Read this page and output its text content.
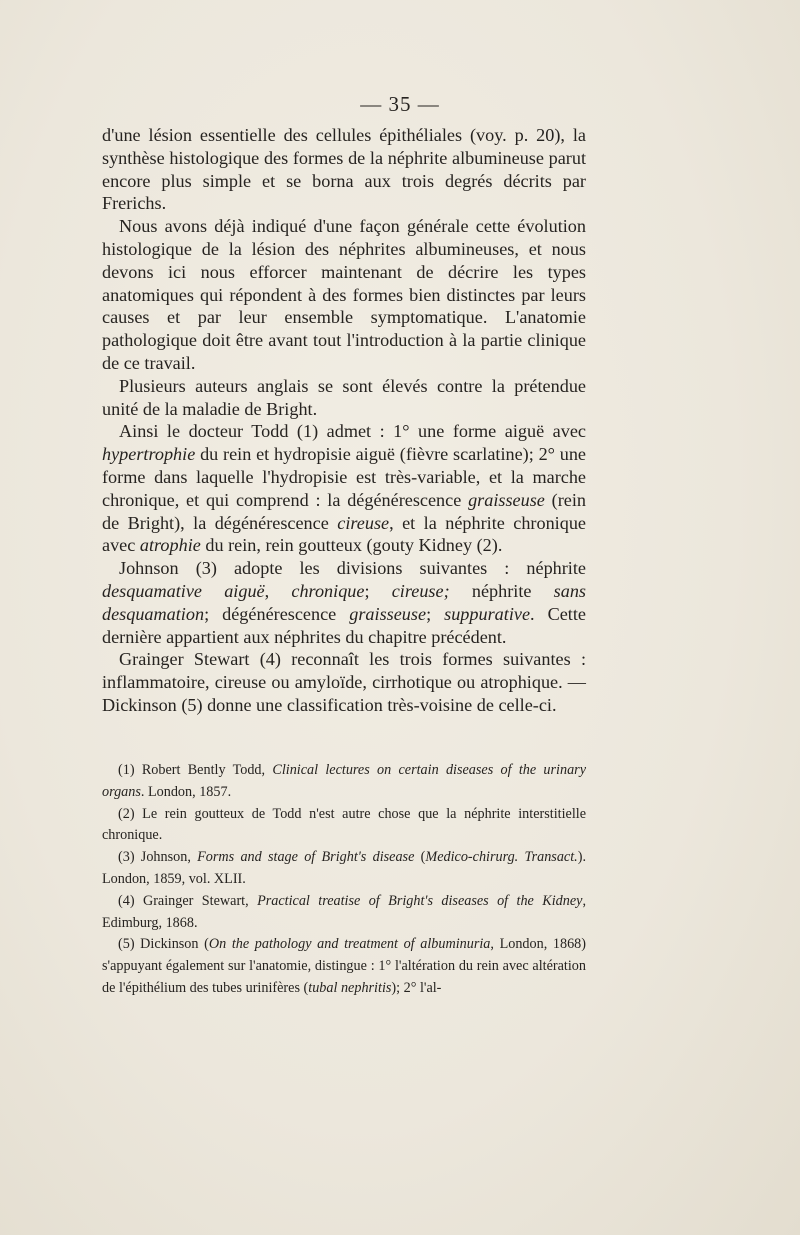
— 35 —

d'une lésion essentielle des cellules épithéliales (voy. p. 20), la synthèse histologique des formes de la néphrite albumineuse parut encore plus simple et se borna aux trois degrés décrits par Frerichs.

Nous avons déjà indiqué d'une façon générale cette évolution histologique de la lésion des néphrites albumineuses, et nous devons ici nous efforcer maintenant de décrire les types anatomiques qui répondent à des formes bien distinctes par leurs causes et par leur ensemble symptomatique. L'anatomie pathologique doit être avant tout l'introduction à la partie clinique de ce travail.

Plusieurs auteurs anglais se sont élevés contre la prétendue unité de la maladie de Bright.

Ainsi le docteur Todd (1) admet : 1° une forme aiguë avec hypertrophie du rein et hydropisie aiguë (fièvre scarlatine); 2° une forme dans laquelle l'hydropisie est très-variable, et la marche chronique, et qui comprend : la dégénérescence graisseuse (rein de Bright), la dégénérescence cireuse, et la néphrite chronique avec atrophie du rein, rein goutteux (gouty Kidney (2).

Johnson (3) adopte les divisions suivantes : néphrite desquamative aiguë, chronique; cireuse; néphrite sans desquamation; dégénérescence graisseuse; suppurative. Cette dernière appartient aux néphrites du chapitre précédent.

Grainger Stewart (4) reconnaît les trois formes suivantes : inflammatoire, cireuse ou amyloïde, cirrhotique ou atrophique. —Dickinson (5) donne une classification très-voisine de celle-ci.

(1) Robert Bently Todd, Clinical lectures on certain diseases of the urinary organs. London, 1857.

(2) Le rein goutteux de Todd n'est autre chose que la néphrite interstitielle chronique.

(3) Johnson, Forms and stage of Bright's disease (Medico-chirurg. Transact.). London, 1859, vol. XLII.

(4) Grainger Stewart, Practical treatise of Bright's diseases of the Kidney, Edimburg, 1868.

(5) Dickinson (On the pathology and treatment of albuminuria, London, 1868) s'appuyant également sur l'anatomie, distingue : 1° l'altération du rein avec altération de l'épithélium des tubes urinifères (tubal nephritis); 2° l'al-
